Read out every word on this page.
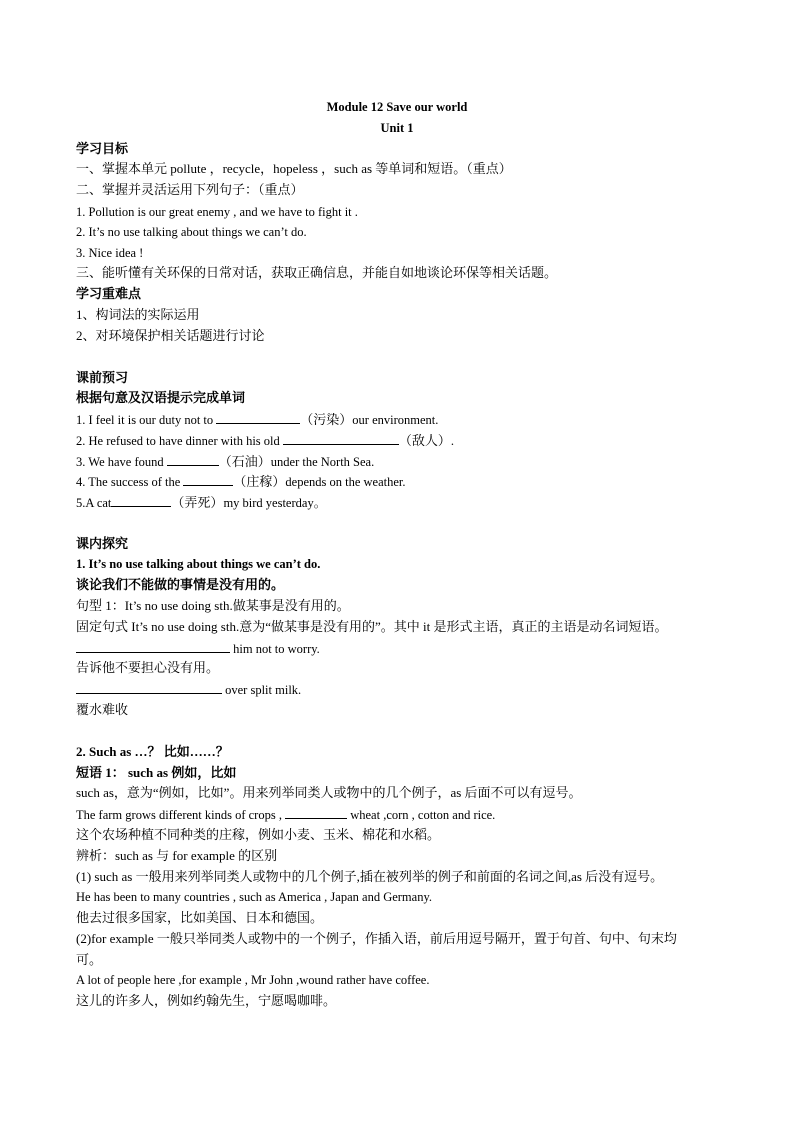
Module 12 Save our world
Unit 1
学习目标
一、掌握本单元 pollute ，recycle，hopeless ，such as 等单词和短语。（重点）
二、掌握并灵活运用下列句子：（重点）
1. Pollution is our great enemy , and we have to fight it .
2. It’s no use talking about things we can’t do.
3. Nice idea !
三、能听懂有关环保的日常对话，获取正确信息，并能自如地谈论环保等相关话题。
学习重难点
1、构词法的实际运用
2、对环境保护相关话题进行讨论
课前预习
根据句意及汉语提示完成单词
1. I feel it is our duty not to	（污染）our environment.
2. He refused to have dinner with his old	（敌人）.
3. We have found	（石油）under the North Sea.
4. The success of the	（庄稼）depends on the weather.
5.A cat	（弄死）my bird yesterday。
课内探究
1. It’s no use talking about things we can’t do.
谈论我们不能做的事情是没有用的。
句型 1：It’s no use doing sth.做某事是没有用的。
固定句式 It’s no use doing sth.意为“做某事是没有用的”。其中 it 是形式主语，真正的主语是动名词短语。
him not to worry.
告诉他不要担心没有用。
over split milk.
覆水难收
2. Such as …？ 比如……？
短语 1： such as 例如，比如
such as，意为“例如，比如”。用来列举同类人或物中的几个例子，as 后面不可以有逗号。
The farm grows different kinds of crops ,	wheat ,corn , cotton and rice.
这个农场种植不同种类的庄稼，例如小麦、玉米、棉花和水稻。
辨析：such as 与 for example 的区别
(1) such as 一般用来列举同类人或物中的几个例子,插在被列举的例子和前面的名词之间,as 后没有逗号。
He has been to many countries , such as America , Japan and Germany.
他去过很多国家，比如美国、日本和德国。
(2)for example 一般只举同类人或物中的一个例子，作插入语，前后用逗号隔开，置于句首、句中、句末均
可。
A lot of people here ,for example , Mr John ,wound rather have coffee.
这儿的许多人，例如约翰先生，宁愿喝咖啡。
